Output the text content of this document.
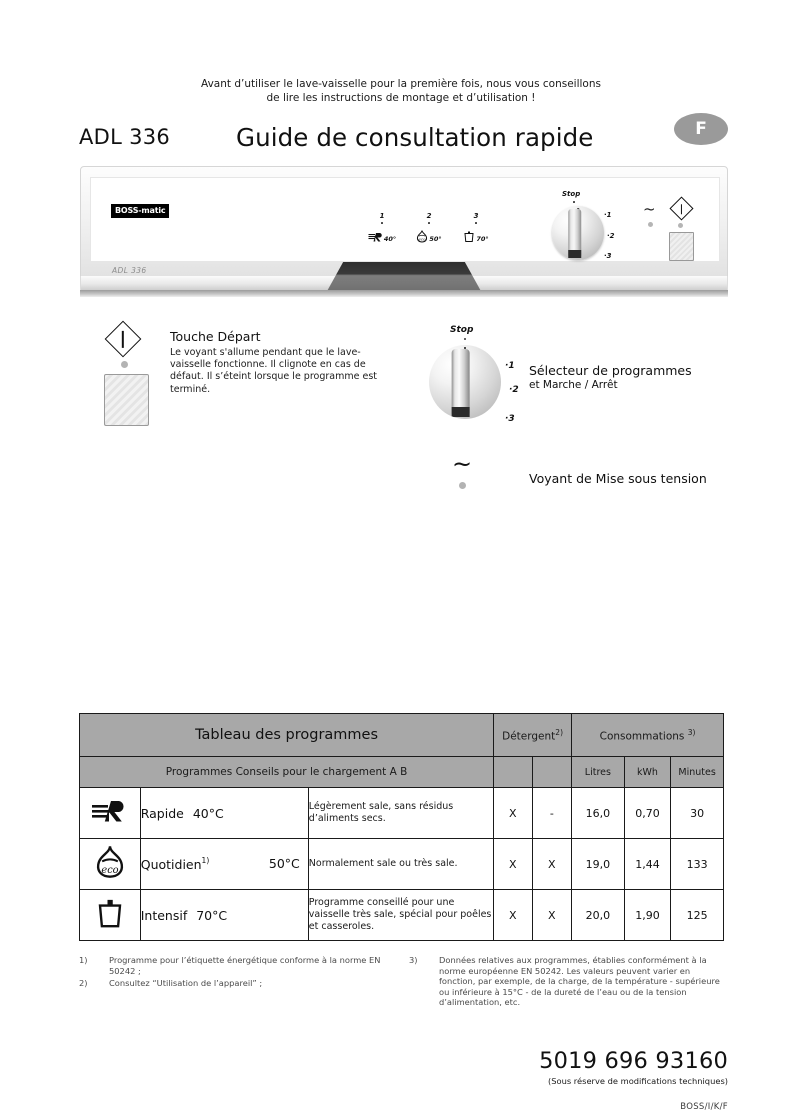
Avant d’utiliser le lave-vaisselle pour la première fois, nous vous conseillons
de lire les instructions de montage et d’utilisation !
ADL 336	Guide de consultation rapide	F
BOSS-matic
ADL 336
1
40°
2
eco 50°
3
70°
Stop
·1
·2
·3
~
Touche Départ
Le voyant s'allume pendant que le lave-vaisselle fonctionne. Il clignote en cas de défaut. Il s’éteint lorsque le programme est terminé.
Stop
·1
·2
·3
Sélecteur de programmes
et Marche / Arrêt
~
Voyant de Mise sous tension
Tableau des programmes			Détergent$^{2)}$		Consommations $^{3)}$
Programmes Conseils pour le chargement A B					Litres	kWh	Minutes
	Rapide 40°C	Légèrement sale, sans résidus d’aliments secs.	X	-	16,0	0,70	30

eco	Quotidien$^{1)}$ 50°C	Normalement sale ou très sale.	X	X	19,0	1,44	133
	Intensif 70°C	Programme conseillé pour une vaisselle très sale, spécial pour poêles et casseroles.	X	X	20,0	1,90	125
1)	Programme pour l’étiquette énergétique conforme à la norme EN 50242 ;
2)	Consultez “Utilisation de l’appareil” ;
3)	Données relatives aux programmes, établies conformément à la norme européenne EN 50242. Les valeurs peuvent varier en fonction, par exemple, de la charge, de la température - supérieure ou inférieure à 15°C - de la dureté de l’eau ou de la tension d’alimentation, etc.
5019 696 93160
(Sous réserve de modifications techniques)
BOSS/I/K/F
